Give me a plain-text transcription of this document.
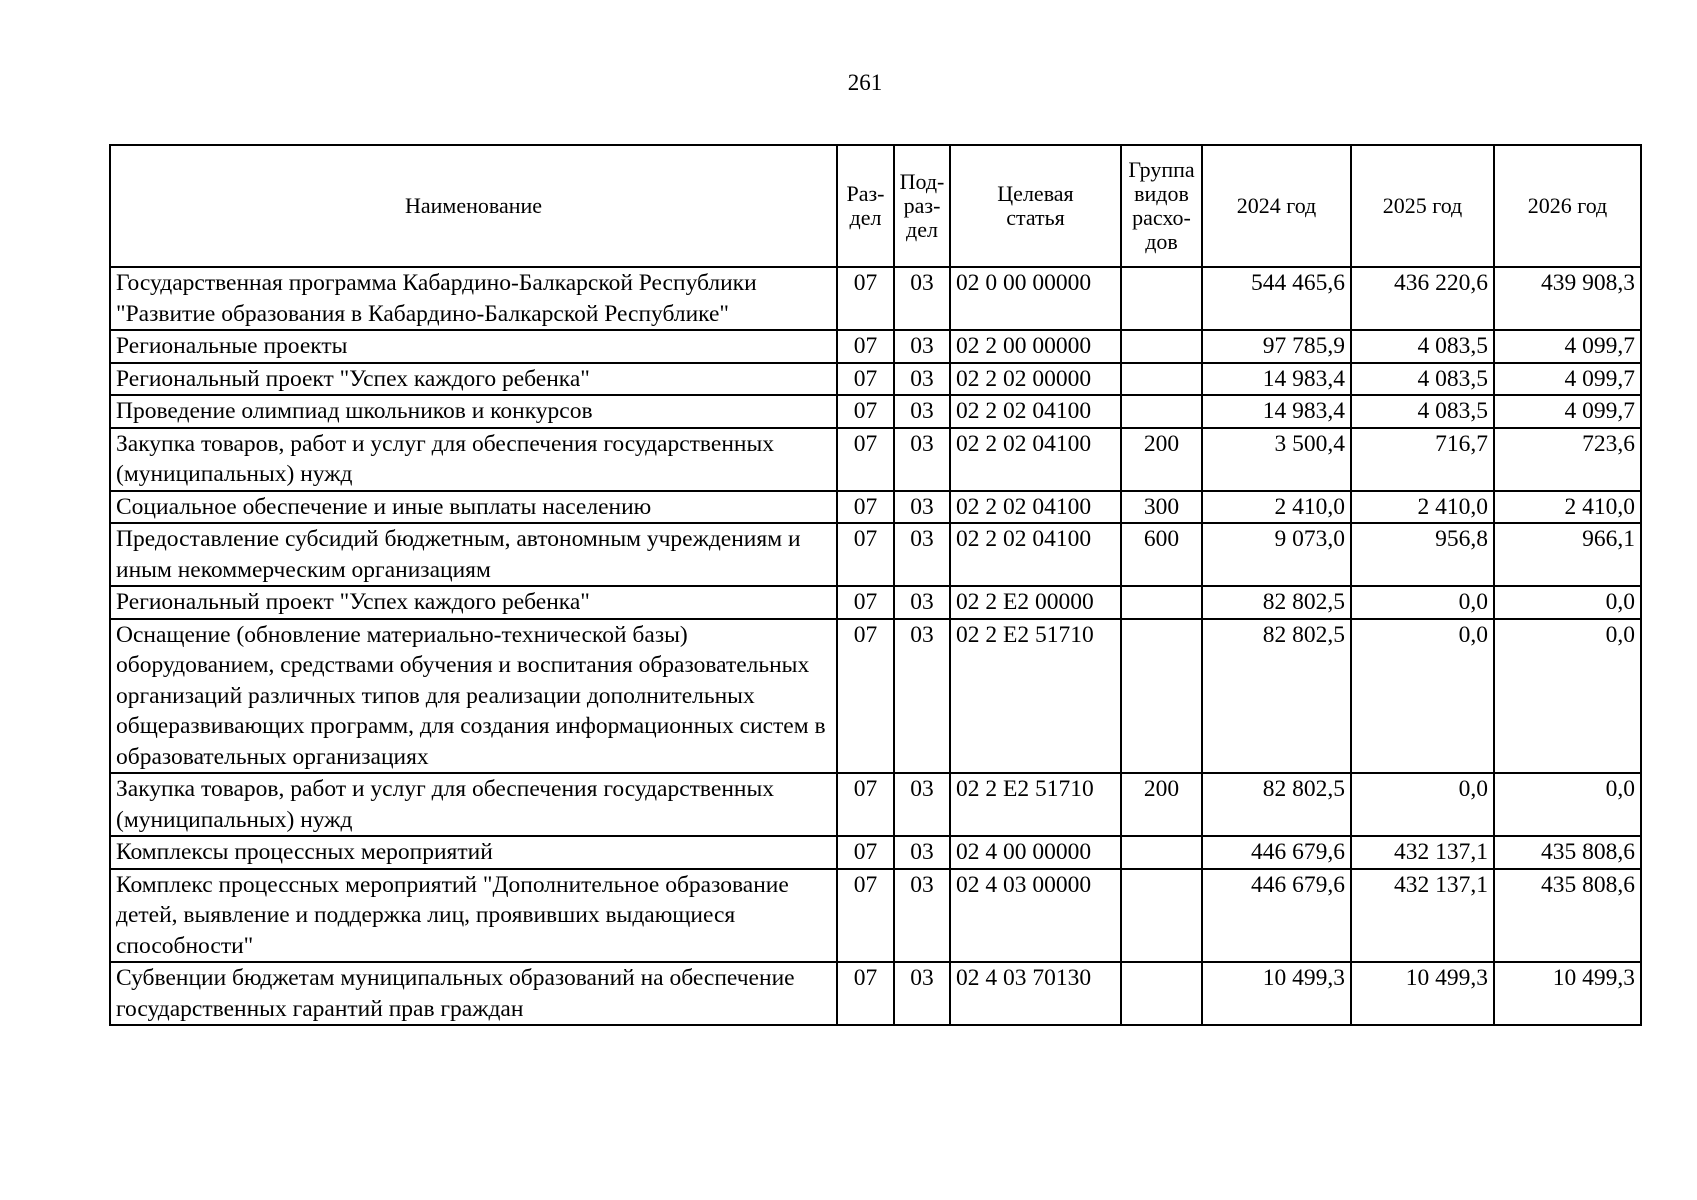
261
Наименование	Раз-дел	Под-раз-дел	Целевая статья	Группа видов расхо-дов	2024 год	2025 год	2026 год
Государственная программа Кабардино-Балкарской Республики "Развитие образования в Кабардино-Балкарской Республике"	07	03	02 0 00 00000		544 465,6	436 220,6	439 908,3
Региональные проекты	07	03	02 2 00 00000		97 785,9	4 083,5	4 099,7
Региональный проект "Успех каждого ребенка"	07	03	02 2 02 00000		14 983,4	4 083,5	4 099,7
Проведение олимпиад школьников и конкурсов	07	03	02 2 02 04100		14 983,4	4 083,5	4 099,7
Закупка товаров, работ и услуг для обеспечения государственных (муниципальных) нужд	07	03	02 2 02 04100	200	3 500,4	716,7	723,6
Социальное обеспечение и иные выплаты населению	07	03	02 2 02 04100	300	2 410,0	2 410,0	2 410,0
Предоставление субсидий бюджетным, автономным учреждениям и иным некоммерческим организациям	07	03	02 2 02 04100	600	9 073,0	956,8	966,1
Региональный проект "Успех каждого ребенка"	07	03	02 2 Е2 00000		82 802,5	0,0	0,0
Оснащение (обновление материально-технической базы) оборудованием, средствами обучения и воспитания образовательных организаций различных типов для реализации дополнительных общеразвивающих программ, для создания информационных систем в образовательных организациях	07	03	02 2 Е2 51710		82 802,5	0,0	0,0
Закупка товаров, работ и услуг для обеспечения государственных (муниципальных) нужд	07	03	02 2 Е2 51710	200	82 802,5	0,0	0,0
Комплексы процессных мероприятий	07	03	02 4 00 00000		446 679,6	432 137,1	435 808,6
Комплекс процессных мероприятий "Дополнительное образование детей, выявление и поддержка лиц, проявивших выдающиеся способности"	07	03	02 4 03 00000		446 679,6	432 137,1	435 808,6
Субвенции бюджетам муниципальных образований на обеспечение государственных гарантий прав граждан	07	03	02 4 03 70130		10 499,3	10 499,3	10 499,3
